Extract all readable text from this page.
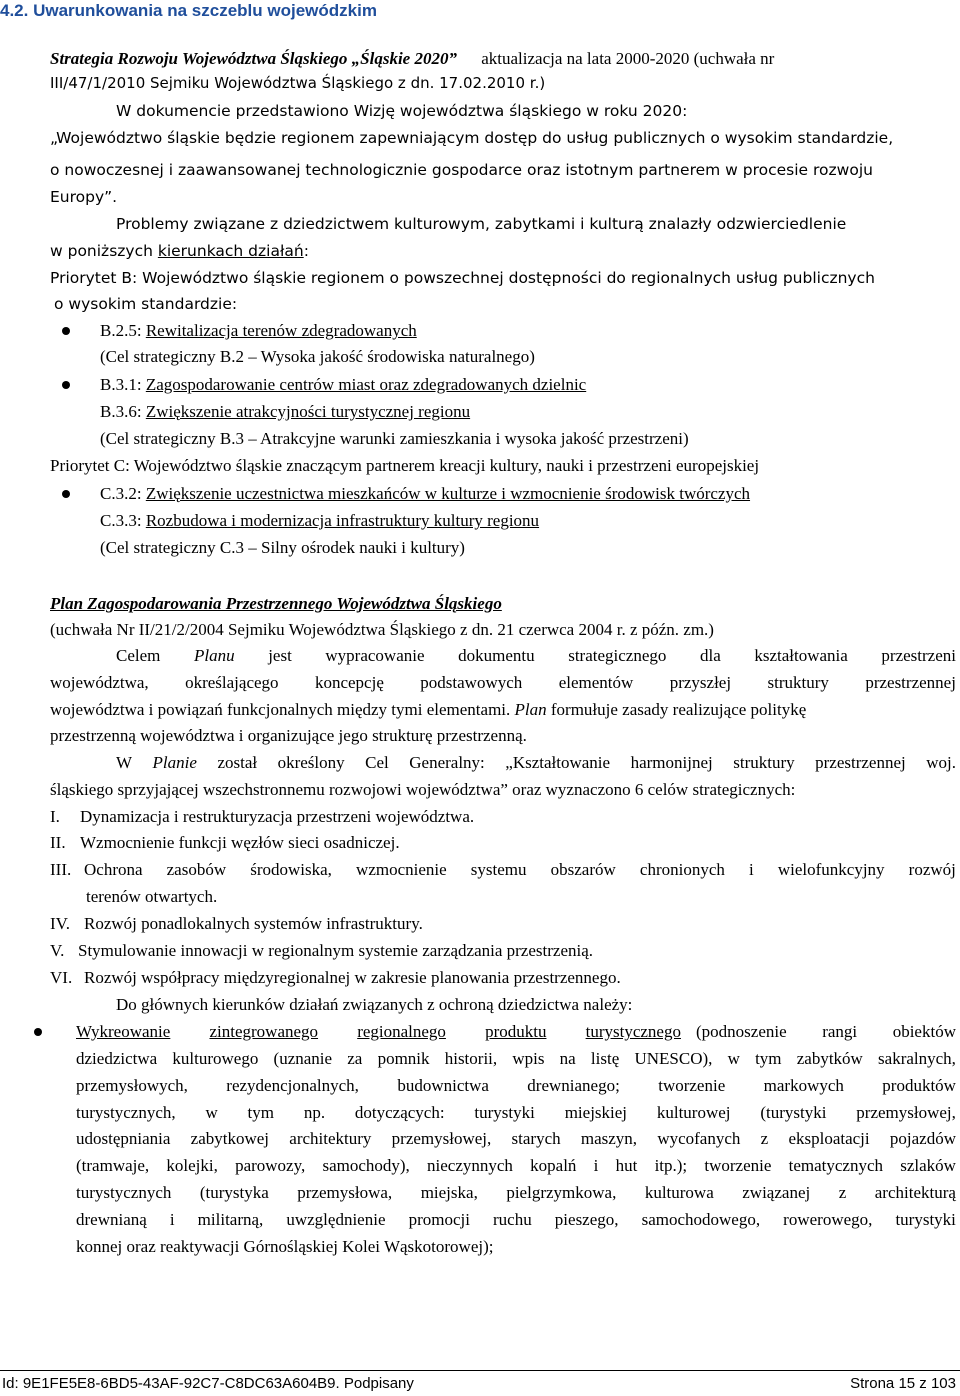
4.2. Uwarunkowania na szczeblu wojewódzkim
Strategia Rozwoju Województwa Śląskiego „Śląskie 2020” aktualizacja na lata 2000-2020 (uchwała nr
III/47/1/2010 Sejmiku Województwa Śląskiego z dn. 17.02.2010 r.)
W dokumencie przedstawiono Wizję województwa śląskiego w roku 2020:
„Województwo śląskie będzie regionem zapewniającym dostęp do usług publicznych o wysokim standardzie,
o nowoczesnej i zaawansowanej technologicznie gospodarce oraz istotnym partnerem w procesie rozwoju
Europy”.
Problemy związane z dziedzictwem kulturowym, zabytkami i kulturą znalazły odzwierciedlenie
w poniższych kierunkach działań:
Priorytet B: Województwo śląskie regionem o powszechnej dostępności do regionalnych usług publicznych
o wysokim standardzie:
B.2.5: Rewitalizacja terenów zdegradowanych
(Cel strategiczny B.2 – Wysoka jakość środowiska naturalnego)
B.3.1: Zagospodarowanie centrów miast oraz zdegradowanych dzielnic
B.3.6: Zwiększenie atrakcyjności turystycznej regionu
(Cel strategiczny B.3 – Atrakcyjne warunki zamieszkania i wysoka jakość przestrzeni)
Priorytet C: Województwo śląskie znaczącym partnerem kreacji kultury, nauki i przestrzeni europejskiej
C.3.2: Zwiększenie uczestnictwa mieszkańców w kulturze i wzmocnienie środowisk twórczych
C.3.3: Rozbudowa i modernizacja infrastruktury kultury regionu
(Cel strategiczny C.3 – Silny ośrodek nauki i kultury)
Plan Zagospodarowania Przestrzennego Województwa Śląskiego
(uchwała Nr II/21/2/2004 Sejmiku Województwa Śląskiego z dn. 21 czerwca 2004 r. z późn. zm.)
Celem Planu jest wypracowanie dokumentu strategicznego dla kształtowania przestrzeni
województwa, określającego koncepcję podstawowych elementów przyszłej struktury przestrzennej
województwa i powiązań funkcjonalnych między tymi elementami. Plan formułuje zasady realizujące politykę
przestrzenną województwa i organizujące jego strukturę przestrzenną.
W Planie został określony Cel Generalny: „Kształtowanie harmonijnej struktury przestrzennej woj.
śląskiego sprzyjającej wszechstronnemu rozwojowi województwa” oraz wyznaczono 6 celów strategicznych:
I. Dynamizacja i restrukturyzacja przestrzeni województwa.
II. Wzmocnienie funkcji węzłów sieci osadniczej.
III. Ochrona zasobów środowiska, wzmocnienie systemu obszarów chronionych i wielofunkcyjny rozwój
terenów otwartych.
IV. Rozwój ponadlokalnych systemów infrastruktury.
V. Stymulowanie innowacji w regionalnym systemie zarządzania przestrzenią.
VI. Rozwój współpracy międzyregionalnej w zakresie planowania przestrzennego.
Do głównych kierunków działań związanych z ochroną dziedzictwa należy:
Wykreowanie zintegrowanego regionalnego produktu turystycznego (podnoszenie rangi obiektów
dziedzictwa kulturowego (uznanie za pomnik historii, wpis na listę UNESCO), w tym zabytków sakralnych,
przemysłowych, rezydencjonalnych, budownictwa drewnianego; tworzenie markowych produktów
turystycznych, w tym np. dotyczących: turystyki miejskiej kulturowej (turystyki przemysłowej,
udostępniania zabytkowej architektury przemysłowej, starych maszyn, wycofanych z eksploatacji pojazdów
(tramwaje, kolejki, parowozy, samochody), nieczynnych kopalń i hut itp.); tworzenie tematycznych szlaków
turystycznych (turystyka przemysłowa, miejska, pielgrzymkowa, kulturowa związanej z architekturą
drewnianą i militarną, uwzględnienie promocji ruchu pieszego, samochodowego, rowerowego, turystyki
konnej oraz reaktywacji Górnośląskiej Kolei Wąskotorowej);
Id: 9E1FE5E8-6BD5-43AF-92C7-C8DC63A604B9. Podpisany	Strona 15 z 103
